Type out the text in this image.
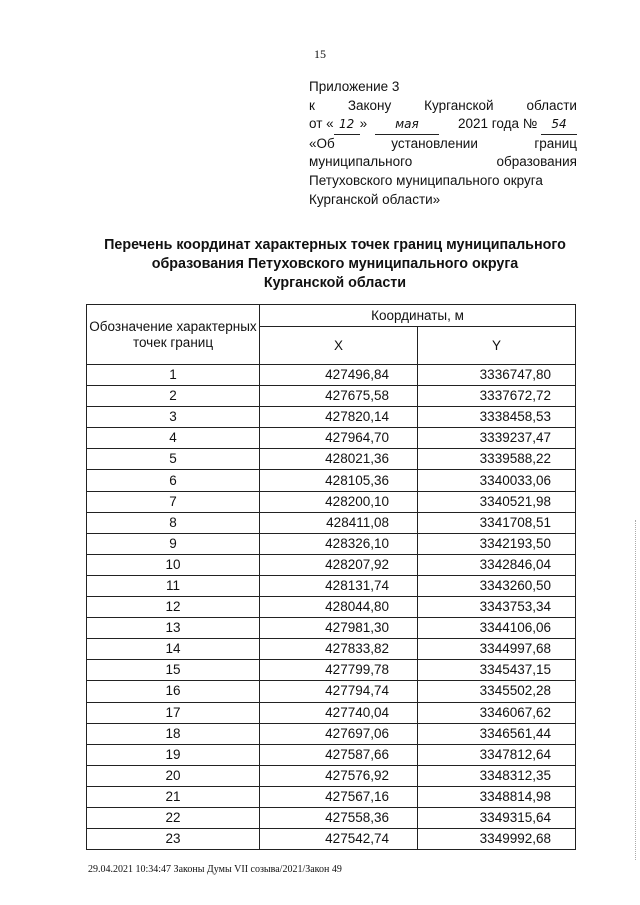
15
Приложение 3
к Закону Курганской области
от « 12 » мая	2021 года № 54
«Об	установлении	границ
муниципального	образования
Петуховского муниципального округа
Курганской области»
Перечень координат характерных точек границ муниципального
образования Петуховского муниципального округа
Курганской области
Обозначение характерных точек границ	Координаты, м	
	X	Y
1	427496,84	3336747,80
2	427675,58	3337672,72
3	427820,14	3338458,53
4	427964,70	3339237,47
5	428021,36	3339588,22
6	428105,36	3340033,06
7	428200,10	3340521,98
8	428411,08	3341708,51
9	428326,10	3342193,50
10	428207,92	3342846,04
11	428131,74	3343260,50
12	428044,80	3343753,34
13	427981,30	3344106,06
14	427833,82	3344997,68
15	427799,78	3345437,15
16	427794,74	3345502,28
17	427740,04	3346067,62
18	427697,06	3346561,44
19	427587,66	3347812,64
20	427576,92	3348312,35
21	427567,16	3348814,98
22	427558,36	3349315,64
23	427542,74	3349992,68
29.04.2021 10:34:47 Законы Думы VII созыва/2021/Закон 49
